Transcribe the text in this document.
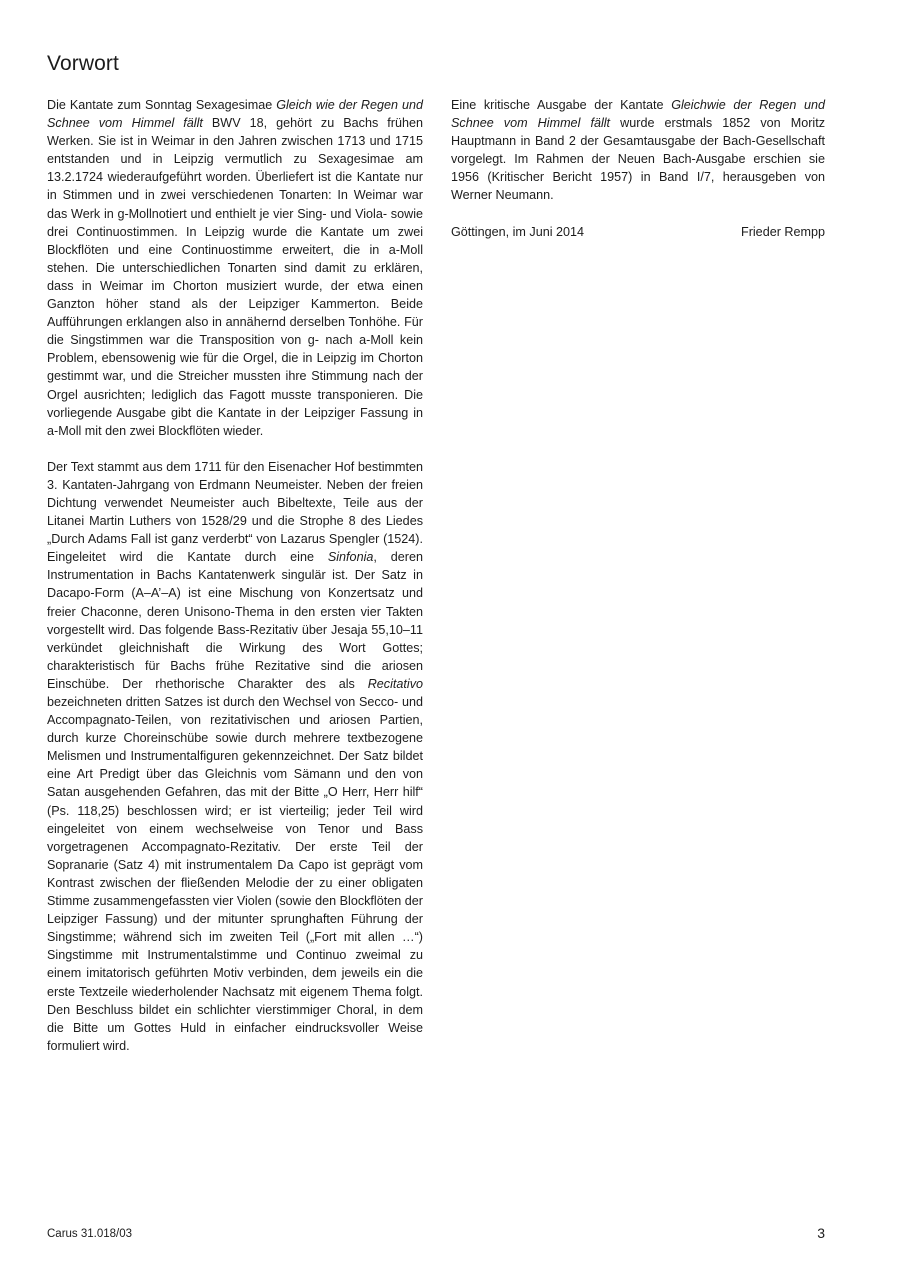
Vorwort

Die Kantate zum Sonntag Sexagesimae Gleich wie der Regen und Schnee vom Himmel fällt BWV 18, gehört zu Bachs frühen Werken. Sie ist in Weimar in den Jahren zwischen 1713 und 1715 entstanden und in Leipzig vermutlich zu Sexagesimae am 13.2.1724 wiederaufgeführt worden. Überliefert ist die Kantate nur in Stimmen und in zwei verschiedenen Tonarten: In Weimar war das Werk in g-Mollnotiert und enthielt je vier Sing- und Viola- sowie drei Continuostimmen. In Leipzig wurde die Kantate um zwei Blockflöten und eine Continuostimme erweitert, die in a-Moll stehen. Die unterschiedlichen Tonarten sind damit zu erklären, dass in Weimar im Chorton musiziert wurde, der etwa einen Ganzton höher stand als der Leipziger Kammerton. Beide Aufführungen erklangen also in annähernd derselben Tonhöhe. Für die Singstimmen war die Transposition von g- nach a-Moll kein Problem, ebensowenig wie für die Orgel, die in Leipzig im Chorton gestimmt war, und die Streicher mussten ihre Stimmung nach der Orgel ausrichten; lediglich das Fagott musste transponieren. Die vorliegende Ausgabe gibt die Kantate in der Leipziger Fassung in a-Moll mit den zwei Blockflöten wieder.

Der Text stammt aus dem 1711 für den Eisenacher Hof bestimmten 3. Kantaten-Jahrgang von Erdmann Neumeister. Neben der freien Dichtung verwendet Neumeister auch Bibeltexte, Teile aus der Litanei Martin Luthers von 1528/29 und die Strophe 8 des Liedes „Durch Adams Fall ist ganz verderbt“ von Lazarus Spengler (1524). Eingeleitet wird die Kantate durch eine Sinfonia, deren Instrumentation in Bachs Kantatenwerk singulär ist. Der Satz in Dacapo-Form (A–A’–A) ist eine Mischung von Konzertsatz und freier Chaconne, deren Unisono-Thema in den ersten vier Takten vorgestellt wird. Das folgende Bass-Rezitativ über Jesaja 55,10–11 verkündet gleichnishaft die Wirkung des Wort Gottes; charakteristisch für Bachs frühe Rezitative sind die ariosen Einschübe. Der rhethorische Charakter des als Recitativo bezeichneten dritten Satzes ist durch den Wechsel von Secco- und Accompagnato-Teilen, von rezitativischen und ariosen Partien, durch kurze Choreinschübe sowie durch mehrere textbezogene Melismen und Instrumentalfiguren gekennzeichnet. Der Satz bildet eine Art Predigt über das Gleichnis vom Sämann und den von Satan ausgehenden Gefahren, das mit der Bitte „O Herr, Herr hilf“ (Ps. 118,25) beschlossen wird; er ist vierteilig; jeder Teil wird eingeleitet von einem wechselweise von Tenor und Bass vorgetragenen Accompagnato-Rezitativ. Der erste Teil der Sopranarie (Satz 4) mit instrumentalem Da Capo ist geprägt vom Kontrast zwischen der fließenden Melodie der zu einer obligaten Stimme zusammengefassten vier Violen (sowie den Blockflöten der Leipziger Fassung) und der mitunter sprunghaften Führung der Singstimme; während sich im zweiten Teil („Fort mit allen …“) Singstimme mit Instrumentalstimme und Continuo zweimal zu einem imitatorisch geführten Motiv verbinden, dem jeweils ein die erste Textzeile wiederholender Nachsatz mit eigenem Thema folgt. Den Beschluss bildet ein schlichter vierstimmiger Choral, in dem die Bitte um Gottes Huld in einfacher eindrucksvoller Weise formuliert wird.

Eine kritische Ausgabe der Kantate Gleichwie der Regen und Schnee vom Himmel fällt wurde erstmals 1852 von Moritz Hauptmann in Band 2 der Gesamtausgabe der Bach-Gesellschaft vorgelegt. Im Rahmen der Neuen Bach-Ausgabe erschien sie 1956 (Kritischer Bericht 1957) in Band I/7, herausgeben von Werner Neumann.

Göttingen, im Juni 2014	Frieder Rempp
Carus 31.018/03	3
